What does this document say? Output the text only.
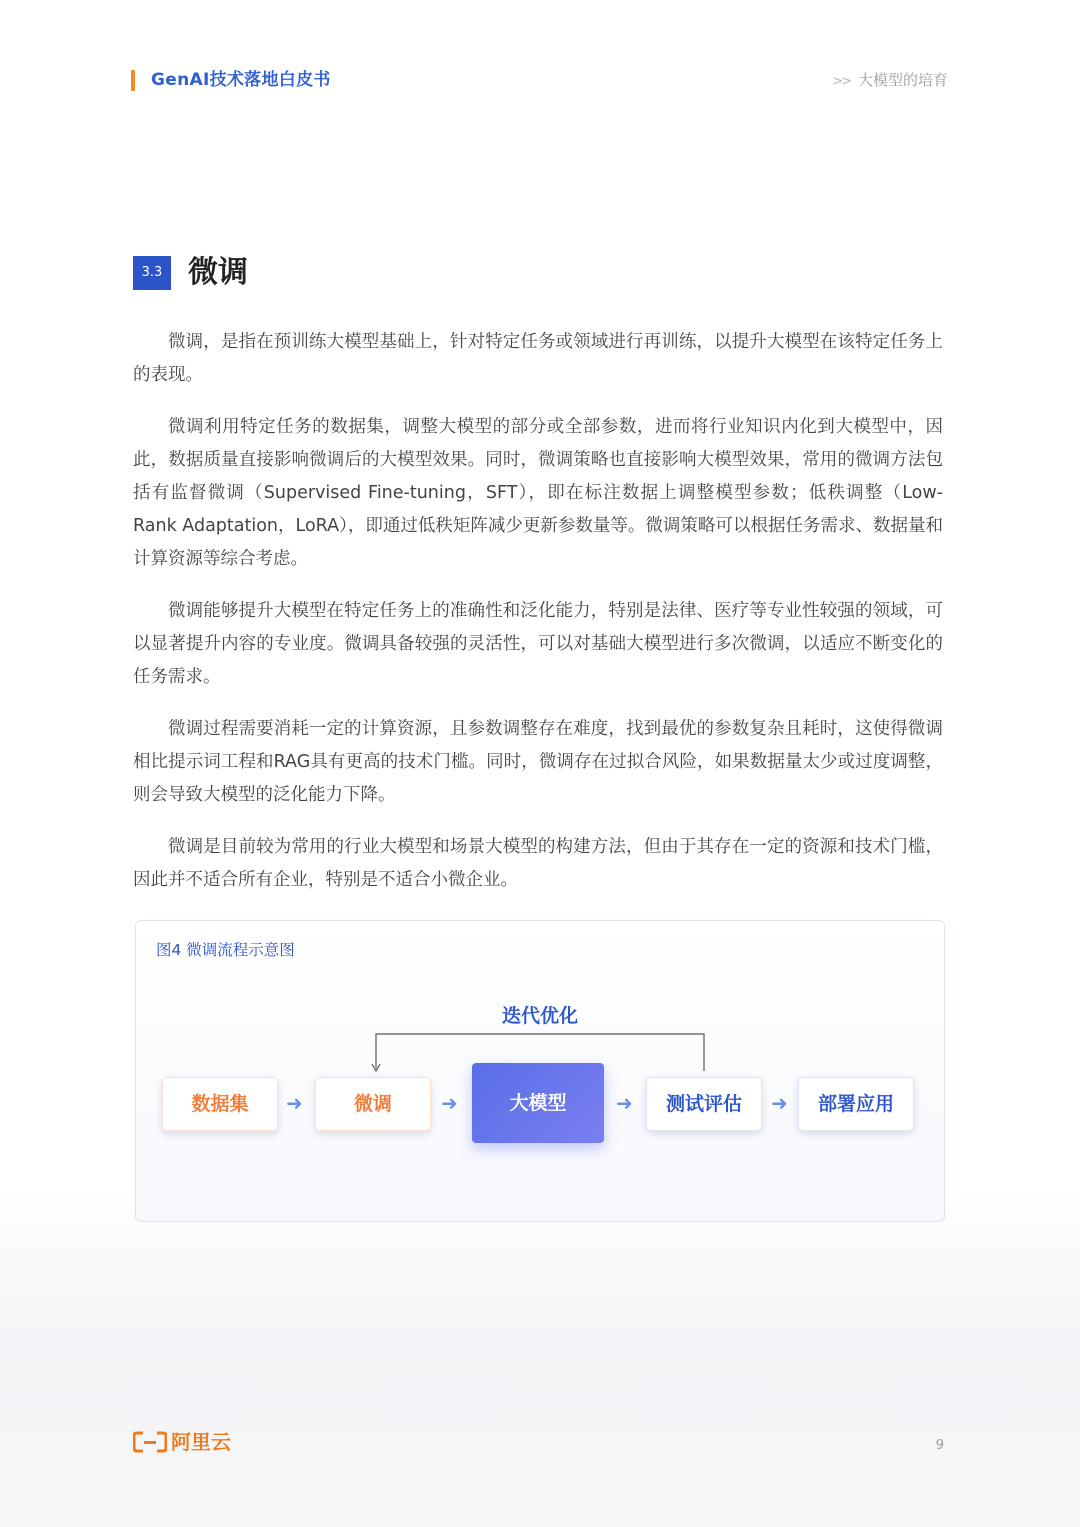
GenAI技术落地白皮书	>> 大模型的培育
3.3 微调

微调，是指在预训练大模型基础上，针对特定任务或领域进行再训练，以提升大模型在该特定任务上的表现。

微调利用特定任务的数据集，调整大模型的部分或全部参数，进而将行业知识内化到大模型中，因此，数据质量直接影响微调后的大模型效果。同时，微调策略也直接影响大模型效果，常用的微调方法包括有监督微调（Supervised Fine-tuning，SFT），即在标注数据上调整模型参数；低秩调整（Low-Rank Adaptation，LoRA），即通过低秩矩阵减少更新参数量等。微调策略可以根据任务需求、数据量和计算资源等综合考虑。

微调能够提升大模型在特定任务上的准确性和泛化能力，特别是法律、医疗等专业性较强的领域，可以显著提升内容的专业度。微调具备较强的灵活性，可以对基础大模型进行多次微调，以适应不断变化的任务需求。

微调过程需要消耗一定的计算资源，且参数调整存在难度，找到最优的参数复杂且耗时，这使得微调相比提示词工程和RAG具有更高的技术门槛。同时，微调存在过拟合风险，如果数据量太少或过度调整，则会导致大模型的泛化能力下降。

微调是目前较为常用的行业大模型和场景大模型的构建方法，但由于其存在一定的资源和技术门槛，因此并不适合所有企业，特别是不适合小微企业。

图4 微调流程示意图
迭代优化
数据集	➜	微调	➜	大模型	➜	测试评估	➜	部署应用
阿里云	9
